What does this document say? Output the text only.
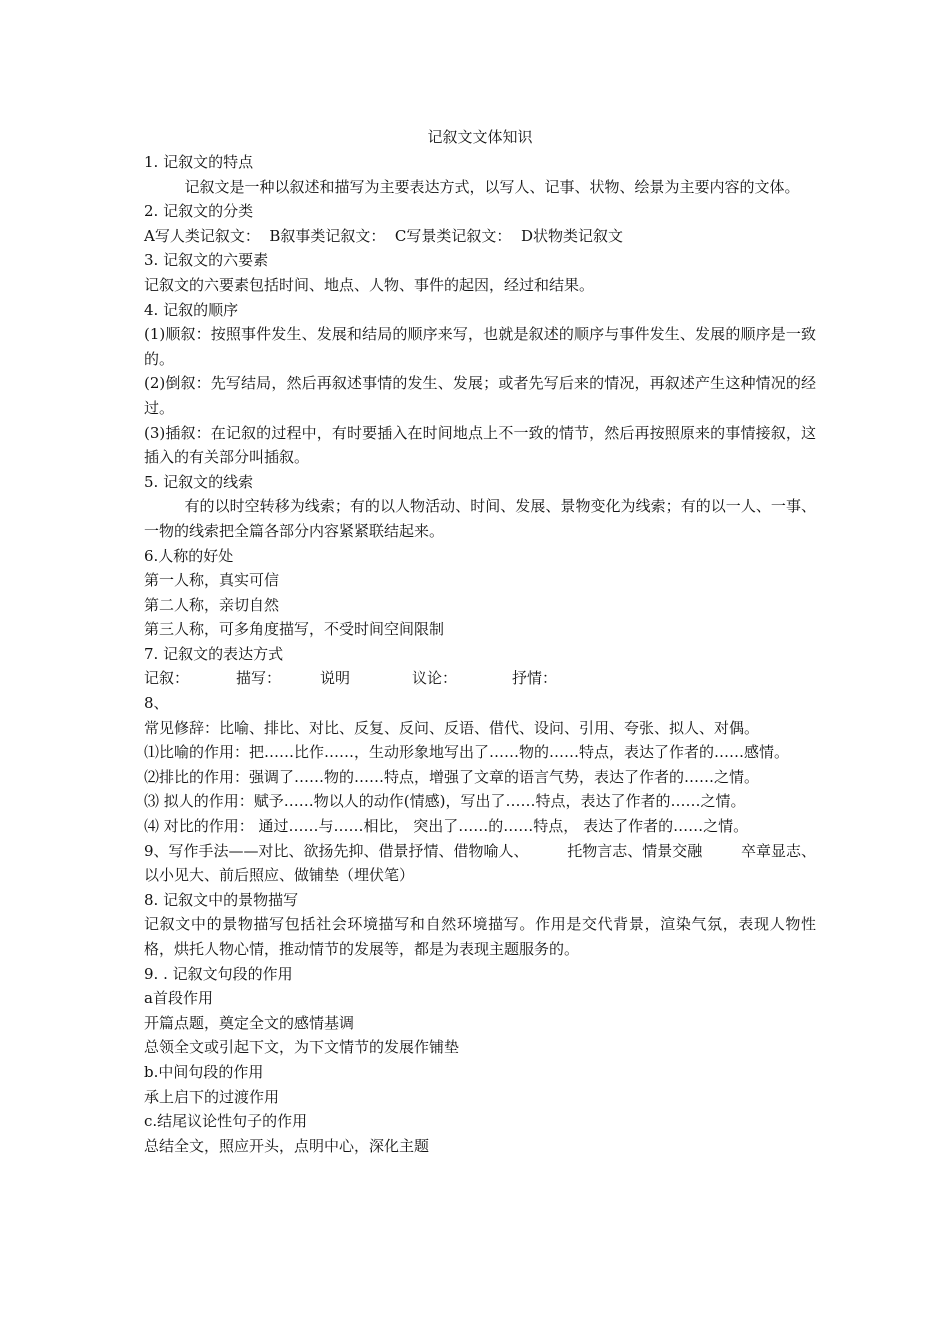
记叙文文体知识

1. 记叙文的特点

记叙文是一种以叙述和描写为主要表达方式，以写人、记事、状物、绘景为主要内容的文体。

2. 记叙文的分类

A写人类记叙文：  B叙事类记叙文：  C写景类记叙文：  D状物类记叙文

3. 记叙文的六要素

记叙文的六要素包括时间、地点、人物、事件的起因，经过和结果。

4. 记叙的顺序

(1)顺叙：按照事件发生、发展和结局的顺序来写，也就是叙述的顺序与事件发生、发展的顺序是一致的。

(2)倒叙：先写结局，然后再叙述事情的发生、发展；或者先写后来的情况，再叙述产生这种情况的经过。

(3)插叙：在记叙的过程中，有时要插入在时间地点上不一致的情节，然后再按照原来的事情接叙，这插入的有关部分叫插叙。

5. 记叙文的线索

有的以时空转移为线索；有的以人物活动、时间、发展、景物变化为线索；有的以一人、一事、一物的线索把全篇各部分内容紧紧联结起来。

6.人称的好处

第一人称，真实可信

第二人称，亲切自然

第三人称，可多角度描写，不受时间空间限制

7. 记叙文的表达方式

记叙：	描写：	说明	议论：	抒情：

8、

常见修辞：比喻、排比、对比、反复、反问、反语、借代、设问、引用、夸张、拟人、对偶。

⑴比喻的作用：把……比作……，生动形象地写出了……物的……特点，表达了作者的……感情。

⑵排比的作用：强调了……物的……特点，增强了文章的语言气势，表达了作者的……之情。

⑶ 拟人的作用：赋予……物以人的动作(情感)，写出了……特点，表达了作者的……之情。

⑷ 对比的作用： 通过……与……相比， 突出了……的……特点， 表达了作者的……之情。

9、写作手法——对比、欲扬先抑、借景抒情、借物喻人、	托物言志、情景交融	卒章显志、

以小见大、前后照应、做铺垫（埋伏笔）

8. 记叙文中的景物描写

记叙文中的景物描写包括社会环境描写和自然环境描写。作用是交代背景，渲染气氛，表现人物性格，烘托人物心情，推动情节的发展等，都是为表现主题服务的。

9. . 记叙文句段的作用

a首段作用

开篇点题，奠定全文的感情基调

总领全文或引起下文，为下文情节的发展作铺垫

b.中间句段的作用

承上启下的过渡作用

c.结尾议论性句子的作用

总结全文，照应开头，点明中心，深化主题
